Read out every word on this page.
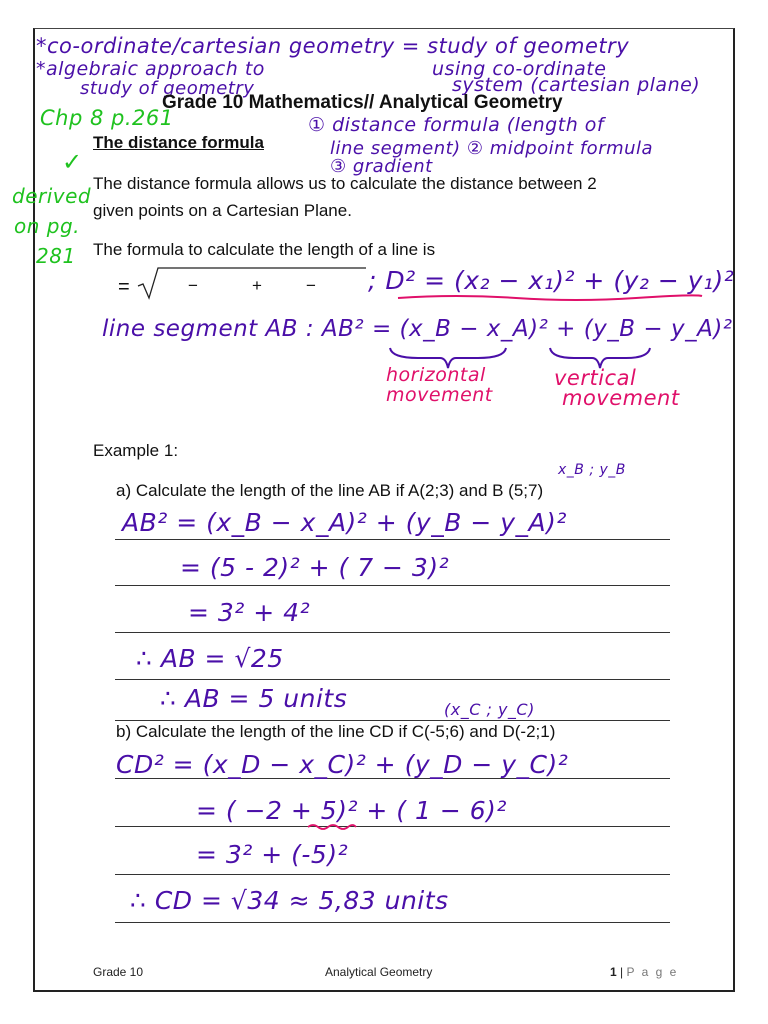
*co-ordinate/cartesian geometry = study of geometry
*algebraic approach to
study of geometry
using co-ordinate
system (cartesian plane)
Chp 8 p.261
✓
derived
on pg.
281
Grade 10 Mathematics// Analytical Geometry
The distance formula
① distance formula (length of
line segment) ② midpoint formula
③ gradient
The distance formula allows us to calculate the distance between 2
given points on a Cartesian Plane.
The formula to calculate the length of a line is
=	−	+	− ; D² = (x₂ − x₁)² + (y₂ − y₁)²
line segment AB : AB² = (x_B − x_A)² + (y_B − y_A)²
horizontal
movement
vertical
movement
Example 1:
x_B ; y_B
a) Calculate the length of the line AB if A(2;3) and B (5;7)
AB² = (x_B − x_A)² + (y_B − y_A)²
= (5 - 2)² + ( 7 − 3)²
= 3² + 4²
∴ AB = √25
∴ AB = 5 units	(x_C ; y_C)
b) Calculate the length of the line CD if C(-5;6) and D(-2;1)
CD² = (x_D − x_C)² + (y_D − y_C)²
= ( −2 + 5)² + ( 1 − 6)²
= 3² + (-5)²
∴ CD = √34 ≈ 5,83 units
Grade 10	Analytical Geometry	1 | P a g e
